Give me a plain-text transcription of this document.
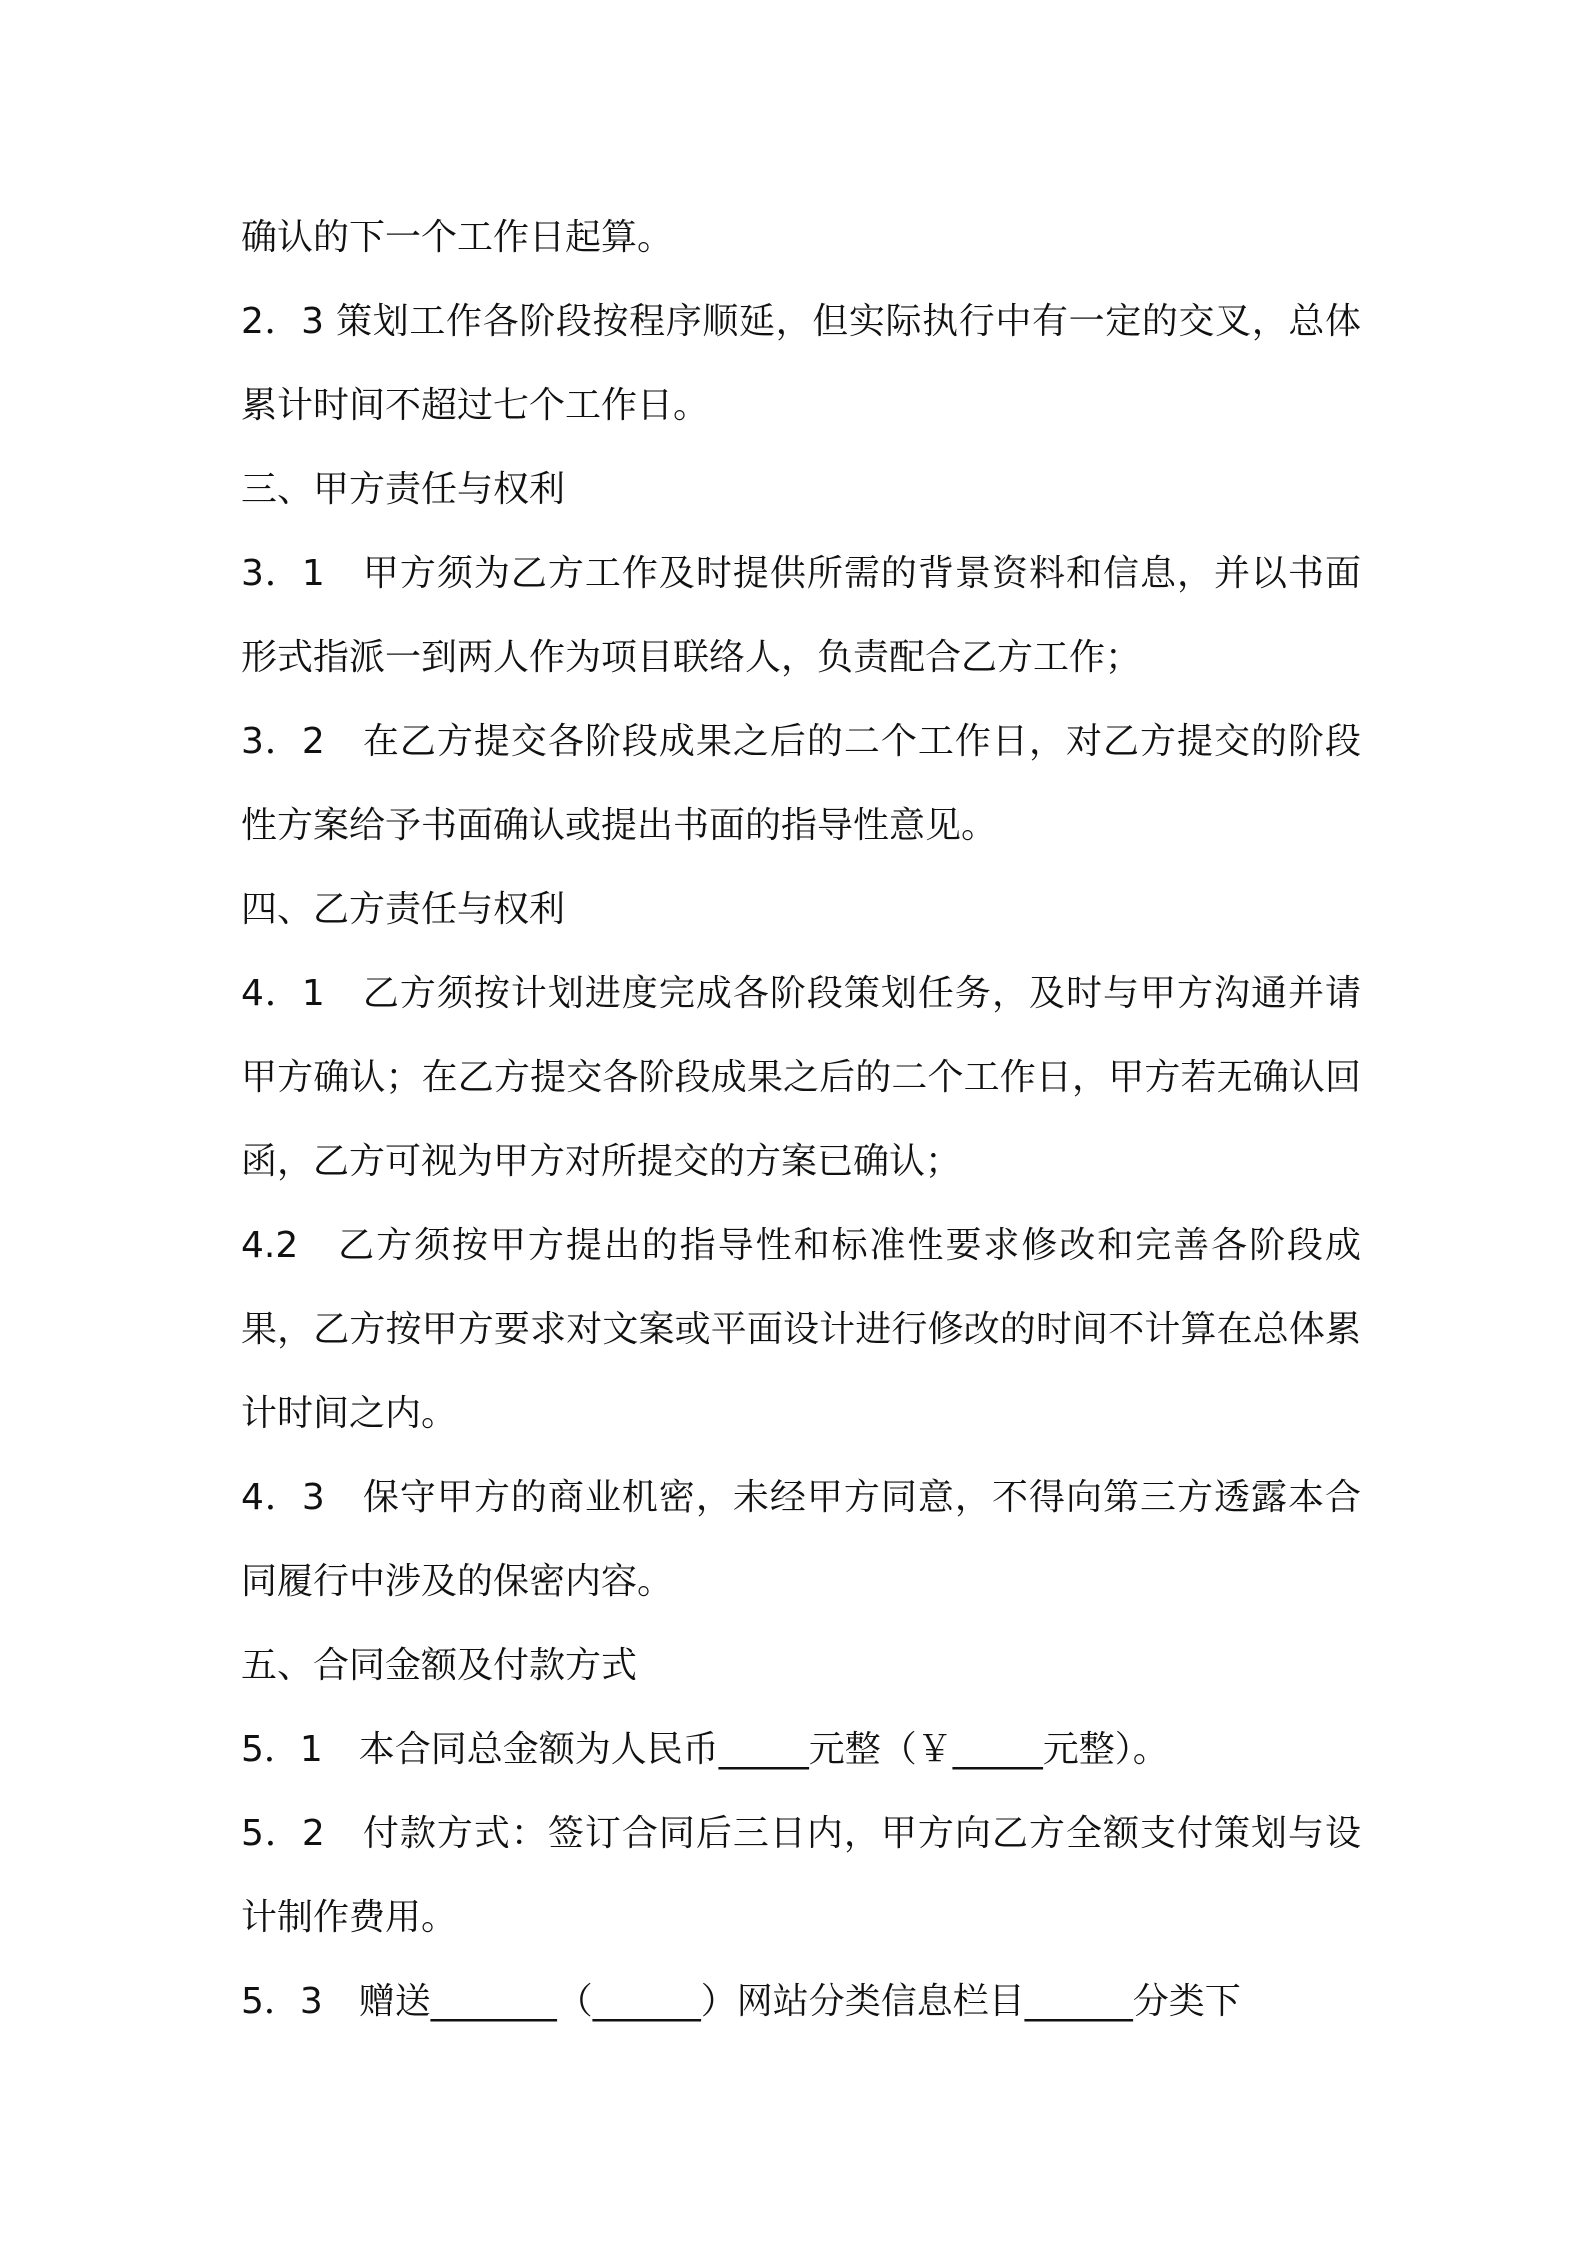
确认的下一个工作日起算。

2．3 策划工作各阶段按程序顺延，但实际执行中有一定的交叉，总体累计时间不超过七个工作日。

三、甲方责任与权利

3．1　甲方须为乙方工作及时提供所需的背景资料和信息，并以书面形式指派一到两人作为项目联络人，负责配合乙方工作；

3．2　在乙方提交各阶段成果之后的二个工作日，对乙方提交的阶段性方案给予书面确认或提出书面的指导性意见。

四、乙方责任与权利

4．1　乙方须按计划进度完成各阶段策划任务，及时与甲方沟通并请甲方确认；在乙方提交各阶段成果之后的二个工作日，甲方若无确认回函，乙方可视为甲方对所提交的方案已确认；

4.2　乙方须按甲方提出的指导性和标准性要求修改和完善各阶段成果，乙方按甲方要求对文案或平面设计进行修改的时间不计算在总体累计时间之内。

4．3　保守甲方的商业机密，未经甲方同意，不得向第三方透露本合同履行中涉及的保密内容。

五、合同金额及付款方式

5．1　本合同总金额为人民币_____元整（￥_____元整）。

5．2　付款方式：签订合同后三日内，甲方向乙方全额支付策划与设计制作费用。

5．3　赠送_______（______）网站分类信息栏目______分类下
